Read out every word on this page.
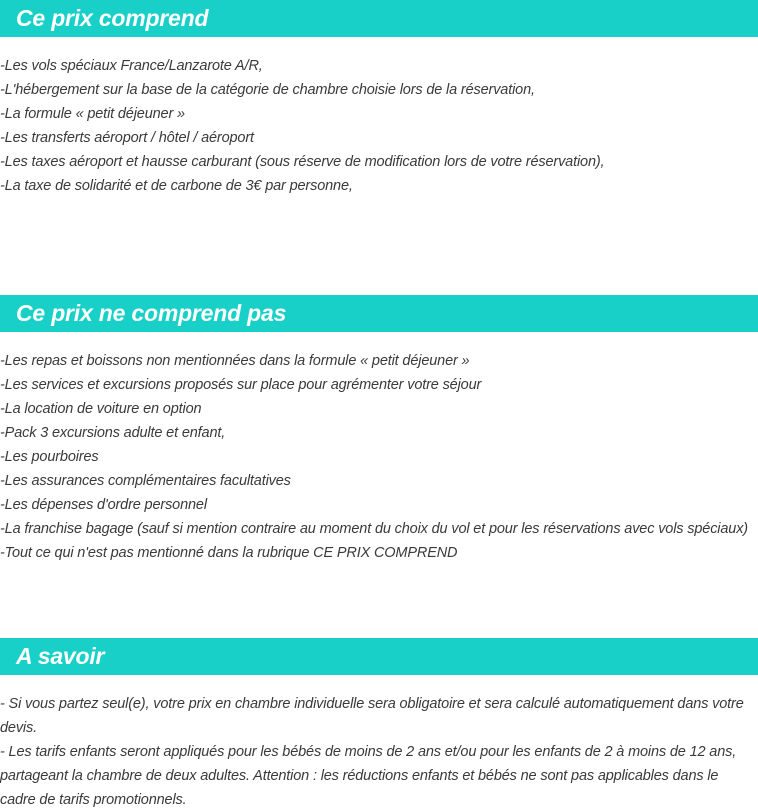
Ce prix comprend
-Les vols spéciaux France/Lanzarote A/R,
-L'hébergement sur la base de la catégorie de chambre choisie lors de la réservation,
-La formule « petit déjeuner »
-Les transferts aéroport / hôtel / aéroport
-Les taxes aéroport et hausse carburant (sous réserve de modification lors de votre réservation),
-La taxe de solidarité et de carbone de 3€ par personne,
Ce prix ne comprend pas
-Les repas et boissons non mentionnées dans la formule « petit déjeuner »
-Les services et excursions proposés sur place pour agrémenter votre séjour
-La location de voiture en option
-Pack 3 excursions adulte et enfant,
-Les pourboires
-Les assurances complémentaires facultatives
-Les dépenses d'ordre personnel
-La franchise bagage (sauf si mention contraire au moment du choix du vol et pour les réservations avec vols spéciaux)
-Tout ce qui n'est pas mentionné dans la rubrique CE PRIX COMPREND
A savoir
- Si vous partez seul(e), votre prix en chambre individuelle sera obligatoire et sera calculé automatiquement dans votre devis.
- Les tarifs enfants seront appliqués pour les bébés de moins de 2 ans et/ou pour les enfants de 2 à moins de 12 ans, partageant la chambre de deux adultes. Attention : les réductions enfants et bébés ne sont pas applicables dans le cadre de tarifs promotionnels.
